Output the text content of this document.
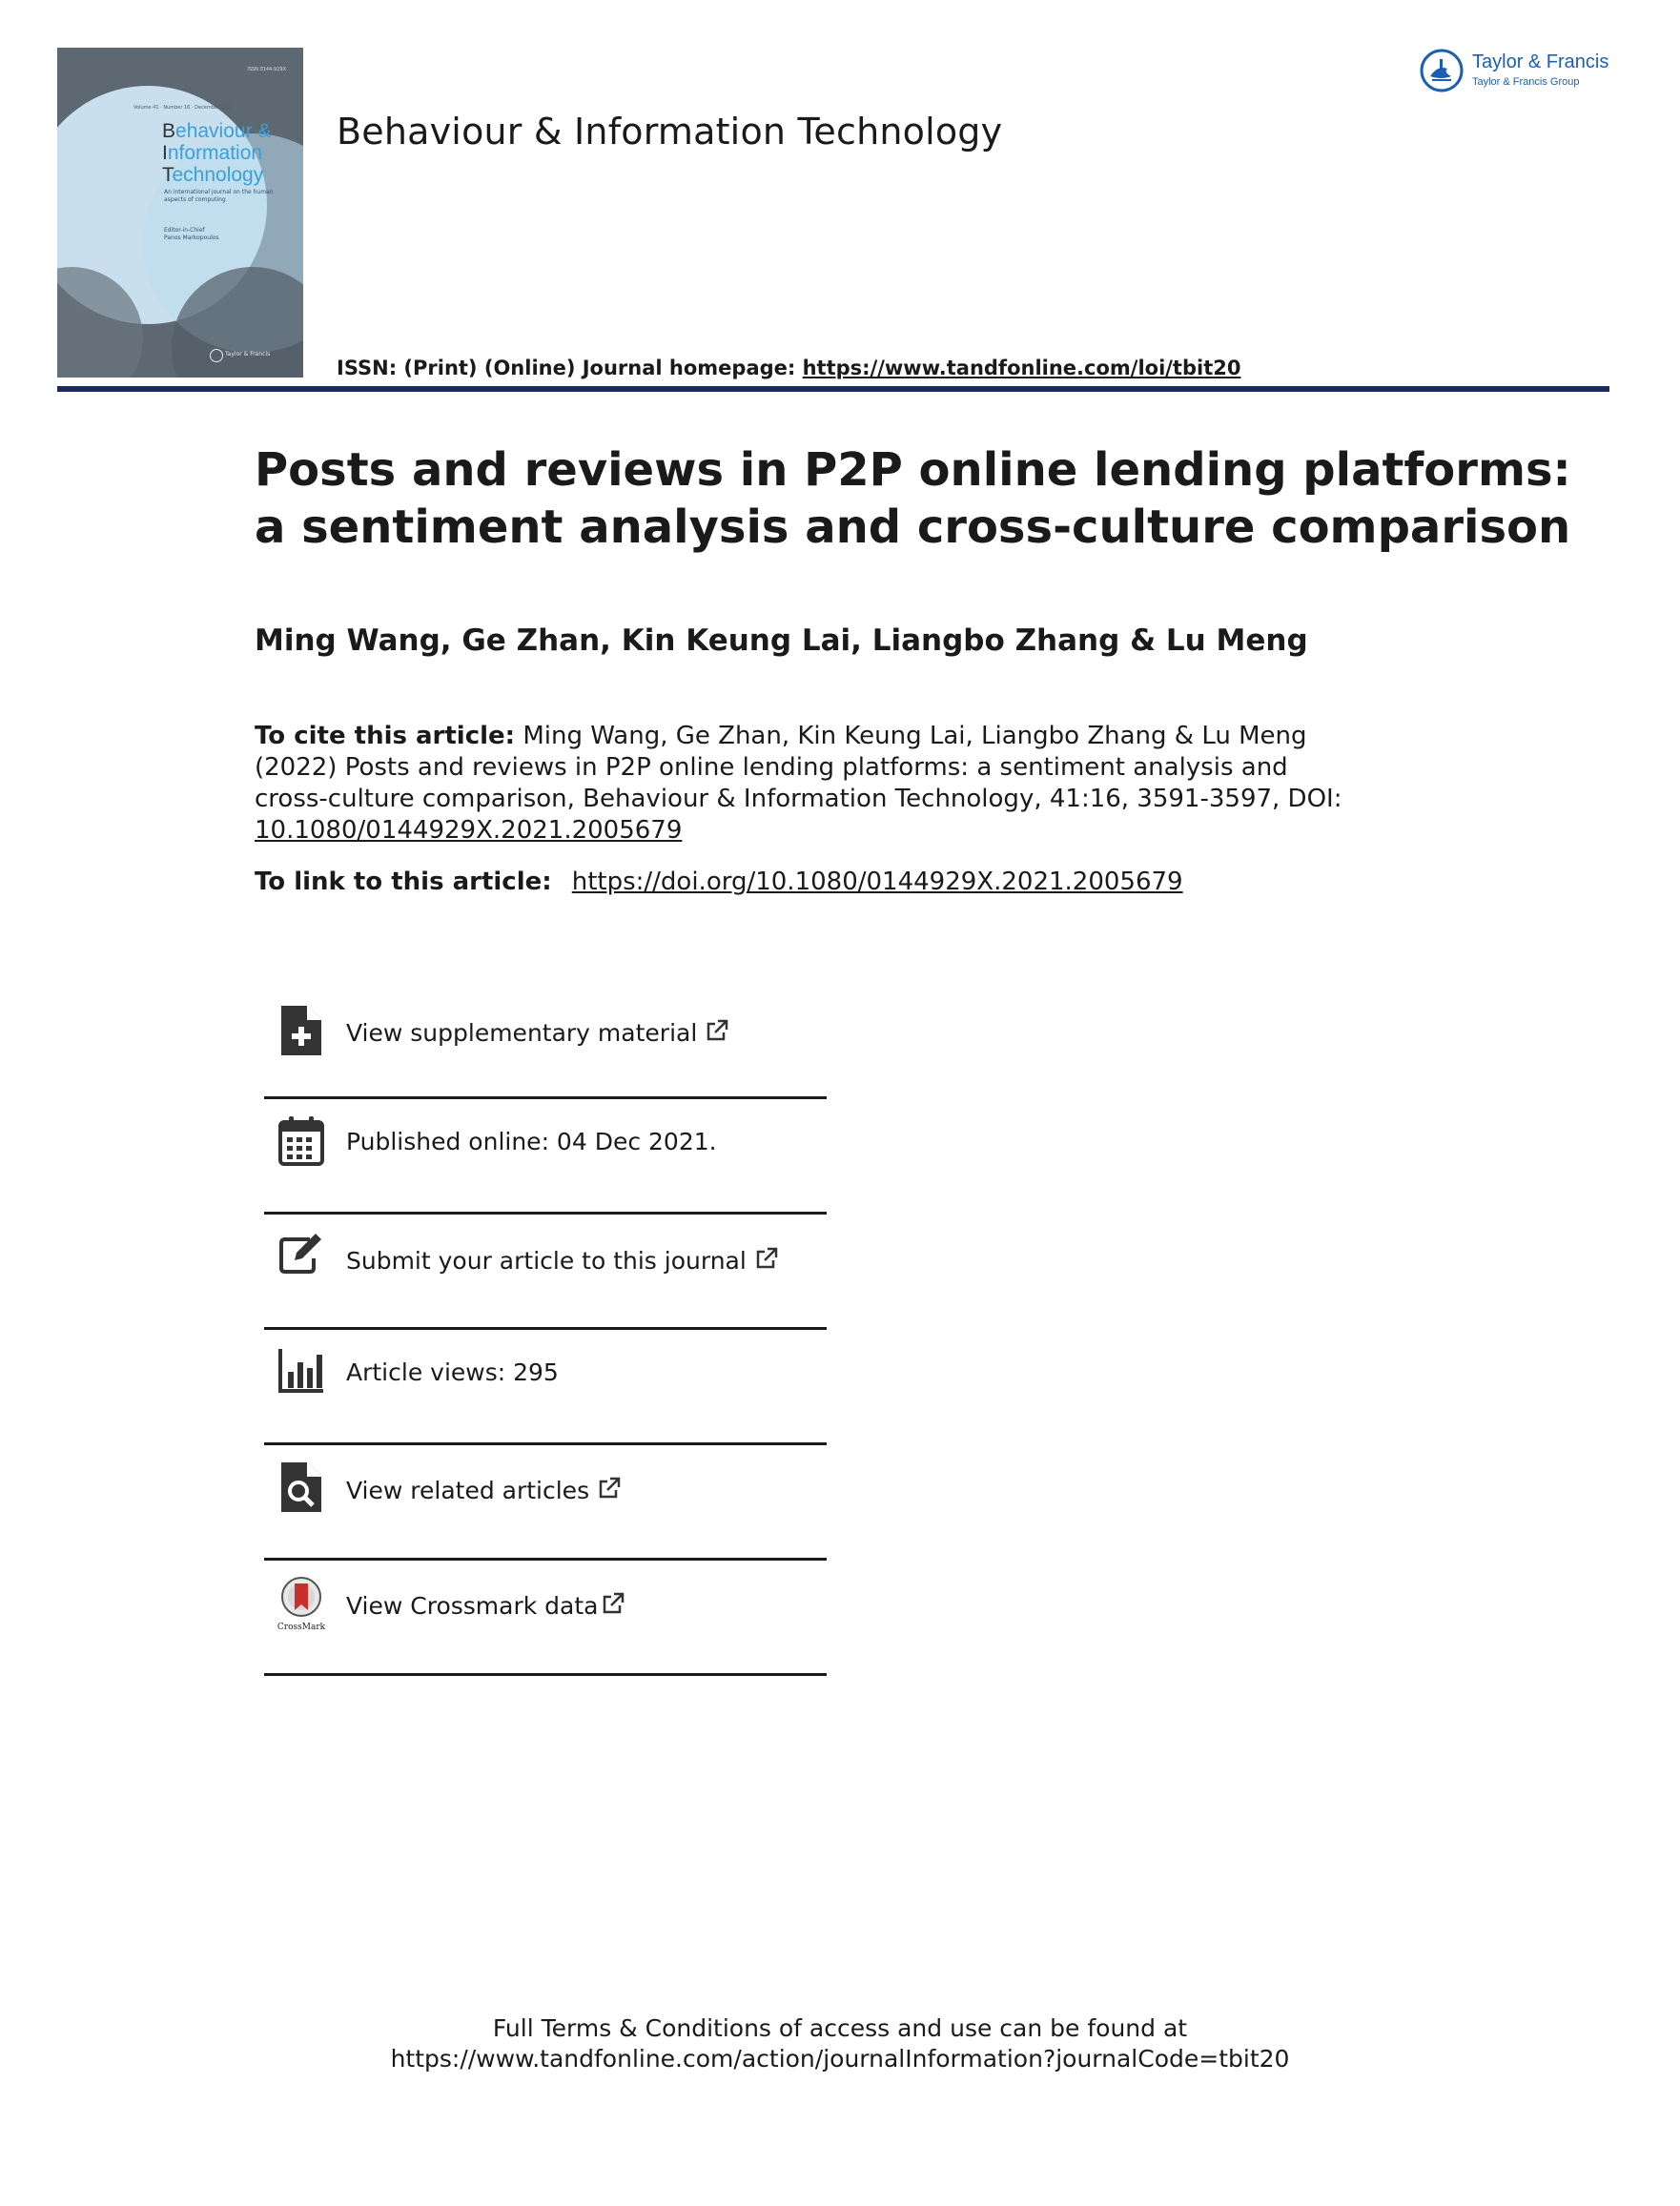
ISSN 0144-929X
Volume 41 · Number 16 · December 2022
Behaviour &
Information
Technology
An international journal on the human aspects of computing
Editor-in-Chief
Panos Markopoulos
Taylor & Francis
Behaviour & Information Technology
ISSN: (Print) (Online) Journal homepage: https://www.tandfonline.com/loi/tbit20
Taylor & Francis
Taylor & Francis Group
Posts and reviews in P2P online lending platforms:
a sentiment analysis and cross-culture comparison
Ming Wang, Ge Zhan, Kin Keung Lai, Liangbo Zhang & Lu Meng
To cite this article: Ming Wang, Ge Zhan, Kin Keung Lai, Liangbo Zhang & Lu Meng
(2022) Posts and reviews in P2P online lending platforms: a sentiment analysis and
cross-culture comparison, Behaviour & Information Technology, 41:16, 3591-3597, DOI:
10.1080/0144929X.2021.2005679
To link to this article: https://doi.org/10.1080/0144929X.2021.2005679
View supplementary material
Published online: 04 Dec 2021.
Submit your article to this journal
Article views: 295
View related articles
CrossMark
View Crossmark data
Full Terms & Conditions of access and use can be found at
https://www.tandfonline.com/action/journalInformation?journalCode=tbit20
